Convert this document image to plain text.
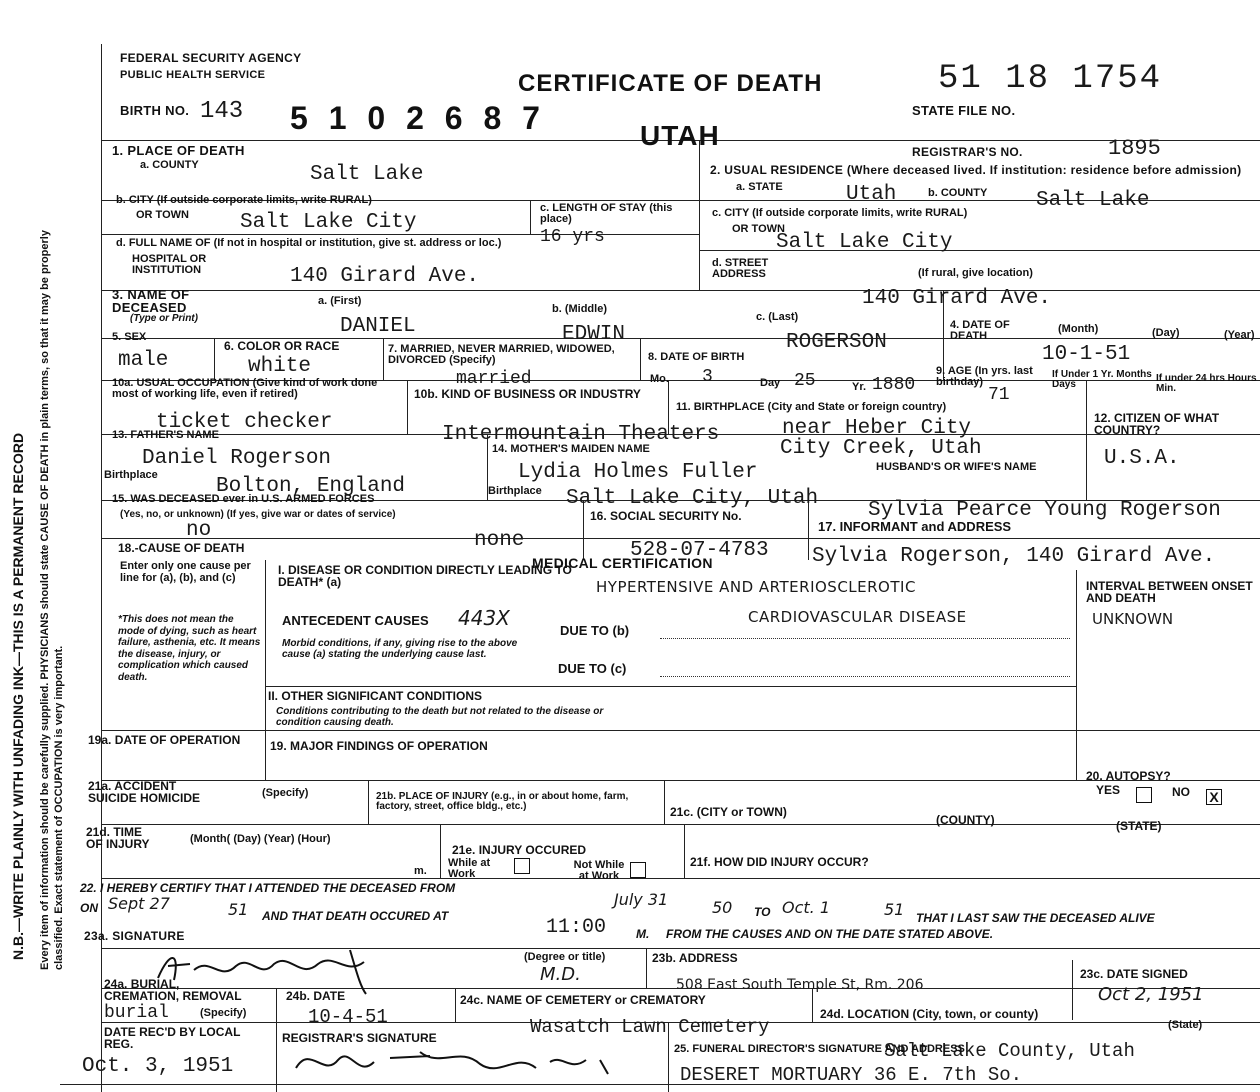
N.B.—WRITE PLAINLY WITH UNFADING INK—THIS IS A PERMANENT RECORD Every item of information should be carefully supplied. PHYSICIANS should state CAUSE OF DEATH in plain terms, so that it may be properly classified. Exact statement of OCCUPATION is very important.
FEDERAL SECURITY AGENCY
PUBLIC HEALTH SERVICE
BIRTH NO. 143 5 1 0 2 6 8 7	UTAH
CERTIFICATE OF DEATH	51 18 1754
STATE FILE NO.
REGISTRAR'S NO.	1895
1. PLACE OF DEATH
a. COUNTY	Salt Lake
b. CITY (If outside corporate limits, write RURAL)
OR TOWN Salt Lake City
c. LENGTH OF STAY (this place)
16 yrs
d. FULL NAME OF (If not in hospital or institution, give st. address or loc.)
HOSPITAL OR INSTITUTION	140 Girard Ave.
2. USUAL RESIDENCE (Where deceased lived. If institution: residence before admission)
a. STATE	Utah	b. COUNTY Salt Lake
c. CITY (If outside corporate limits, write RURAL)
OR TOWN
Salt Lake City
d. STREET ADDRESS	(If rural, give location)
140 Girard Ave.
3. NAME OF DECEASED
(Type or Print)
a. (First)
DANIEL
b. (Middle)
EDWIN
c. (Last)
ROGERSON
4. DATE OF DEATH
(Month)	(Day)	(Year)
10-1-51
5. SEX
male
6. COLOR OR RACE
white
7. MARRIED, NEVER MARRIED, WIDOWED, DIVORCED (Specify)
married
8. DATE OF BIRTH
Mo. 3	Day 25	Yr. 1880
9. AGE (In yrs. last birthday)
71
If Under 1 Yr. Months Days
If under 24 hrs Hours Min.
10a. USUAL OCCUPATION (Give kind of work done most of working life, even if retired)
ticket checker
10b. KIND OF BUSINESS OR INDUSTRY
Intermountain Theaters
11. BIRTHPLACE (City and State or foreign country)
near Heber City
City Creek, Utah
12. CITIZEN OF WHAT COUNTRY?
U.S.A.
13. FATHER'S NAME
Daniel Rogerson
Birthplace	Bolton, England
14. MOTHER'S MAIDEN NAME
Lydia Holmes Fuller
Birthplace Salt Lake City, Utah
HUSBAND'S OR WIFE'S NAME
Sylvia Pearce Young Rogerson
15. WAS DECEASED ever in U.S. ARMED FORCES
(Yes, no, or unknown) (If yes, give war or dates of service)
no	none
16. SOCIAL SECURITY No.
528-07-4783
17. INFORMANT and ADDRESS
Sylvia Rogerson, 140 Girard Ave.
18.-CAUSE OF DEATH
Enter only one cause per line for (a), (b), and (c)
*This does not mean the mode of dying, such as heart failure, asthenia, etc. It means the disease, injury, or complication which caused death.
MEDICAL CERTIFICATION
I. DISEASE OR CONDITION DIRECTLY LEADING TO DEATH* (a)	HYPERTENSIVE AND ARTERIOSCLEROTIC
CARDIOVASCULAR DISEASE
ANTECEDENT CAUSES 443X
DUE TO (b)
Morbid conditions, if any, giving rise to the above cause (a) stating the underlying cause last.
DUE TO (c)
INTERVAL BETWEEN ONSET AND DEATH
UNKNOWN
II. OTHER SIGNIFICANT CONDITIONS
Conditions contributing to the death but not related to the disease or condition causing death.
19a. DATE OF OPERATION	19. MAJOR FINDINGS OF OPERATION
20. AUTOPSY?
YES	NO X
21a. ACCIDENT SUICIDE HOMICIDE	(Specify)	21b. PLACE OF INJURY (e.g., in or about home, farm, factory, street, office bldg., etc.)	21c. (CITY or TOWN)
(COUNTY)	(STATE)
21d. TIME OF INJURY	(Month( (Day) (Year) (Hour)
m.
21e. INJURY OCCURED
While at Work
Not While at Work
21f. HOW DID INJURY OCCUR?
22. I HEREBY CERTIFY THAT I ATTENDED THE DECEASED FROM
July 31	50 TO Oct. 1	51 THAT I LAST SAW THE DECEASED ALIVE
ON Sept 27	51 AND THAT DEATH OCCURED AT	11:00 M. FROM THE CAUSES AND ON THE DATE STATED ABOVE.
23a. SIGNATURE
(Degree or title)
M.D.
23b. ADDRESS
508 East South Temple St, Rm. 206
23c. DATE SIGNED
Oct 2, 1951
24a. BURIAL, CREMATION, REMOVAL
(Specify)
burial
24b. DATE
10-4-51
24c. NAME OF CEMETERY or CREMATORY
Wasatch Lawn Cemetery
24d. LOCATION (City, town, or county)
(State)
Salt Lake County, Utah
DATE REC'D BY LOCAL REG.
Oct. 3, 1951
REGISTRAR'S SIGNATURE
25. FUNERAL DIRECTOR'S SIGNATURE AND ADDRESS
DESERET MORTUARY 36 E. 7th So.
